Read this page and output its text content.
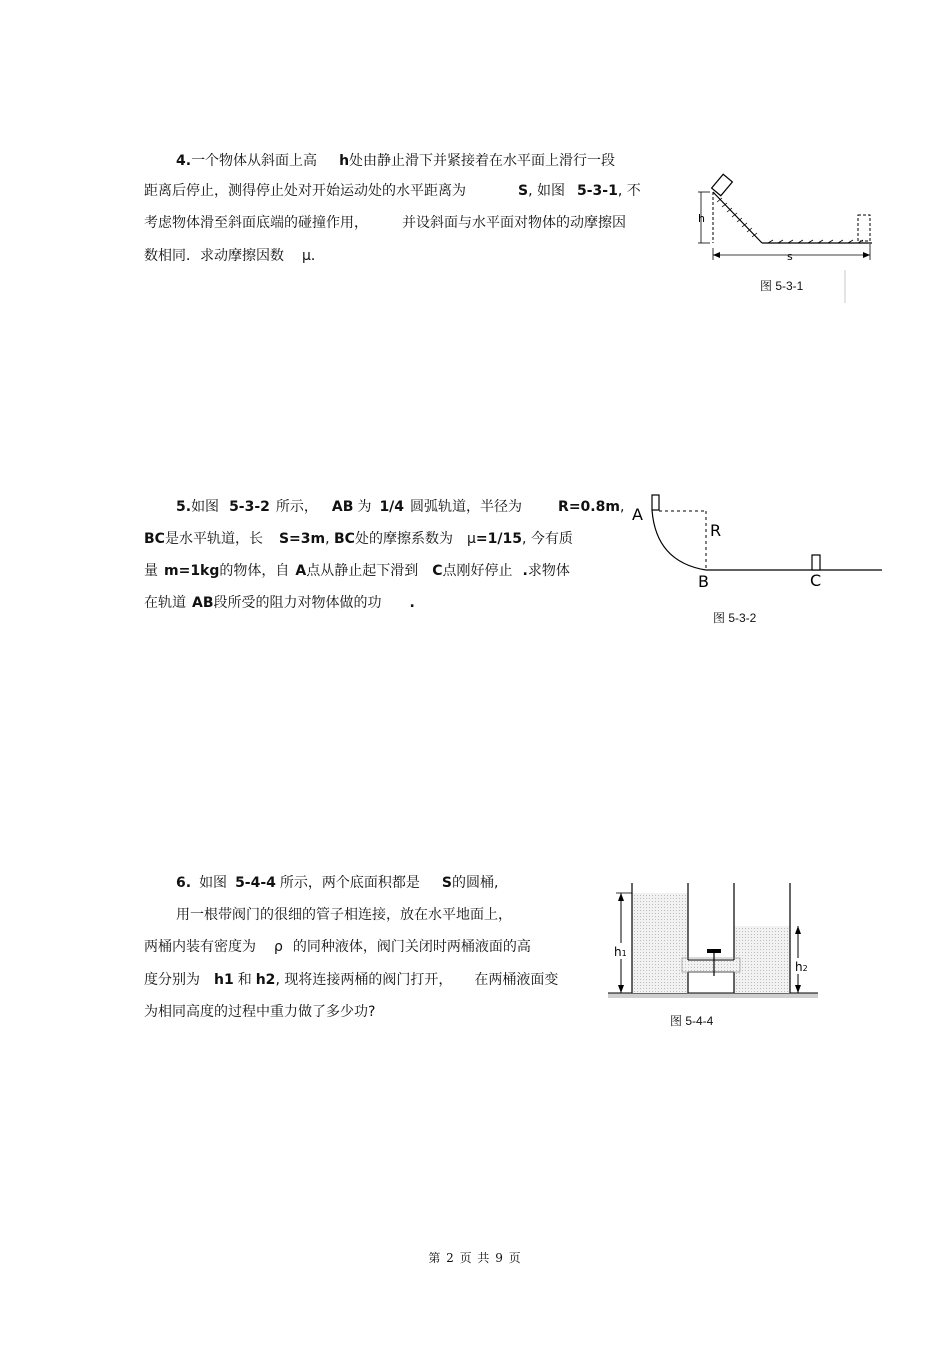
4.一个物体从斜面上高 h处由静止滑下并紧接着在水平面上滑行一段
距离后停止，测得停止处对开始运动处的水平距离为	S, 如图 5-3-1, 不
考虑物体滑至斜面底端的碰撞作用， 并设斜面与水平面对物体的动摩擦因
数相同．求动摩擦因数 μ．
h
s
图 5-3-1
5.如图 5-3-2 所示， AB 为 1/4 圆弧轨道，半径为	R=0.8m,
BC是水平轨道，长 S=3m, BC处的摩擦系数为 μ=1/15, 今有质
量 m=1kg的物体，自 A点从静止起下滑到 C点刚好停止 .求物体
在轨道 AB段所受的阻力对物体做的功 .
A
R
B	C
图 5-3-2
6. 如图 5-4-4 所示，两个底面积都是 S的圆桶,
用一根带阀门的很细的管子相连接，放在水平地面上，
两桶内装有密度为 ρ 的同种液体，阀门关闭时两桶液面的高
度分别为 h1 和 h2, 现将连接两桶的阀门打开， 在两桶液面变
为相同高度的过程中重力做了多少功?
h1
h2
图 5-4-4
第 2 页 共 9 页
